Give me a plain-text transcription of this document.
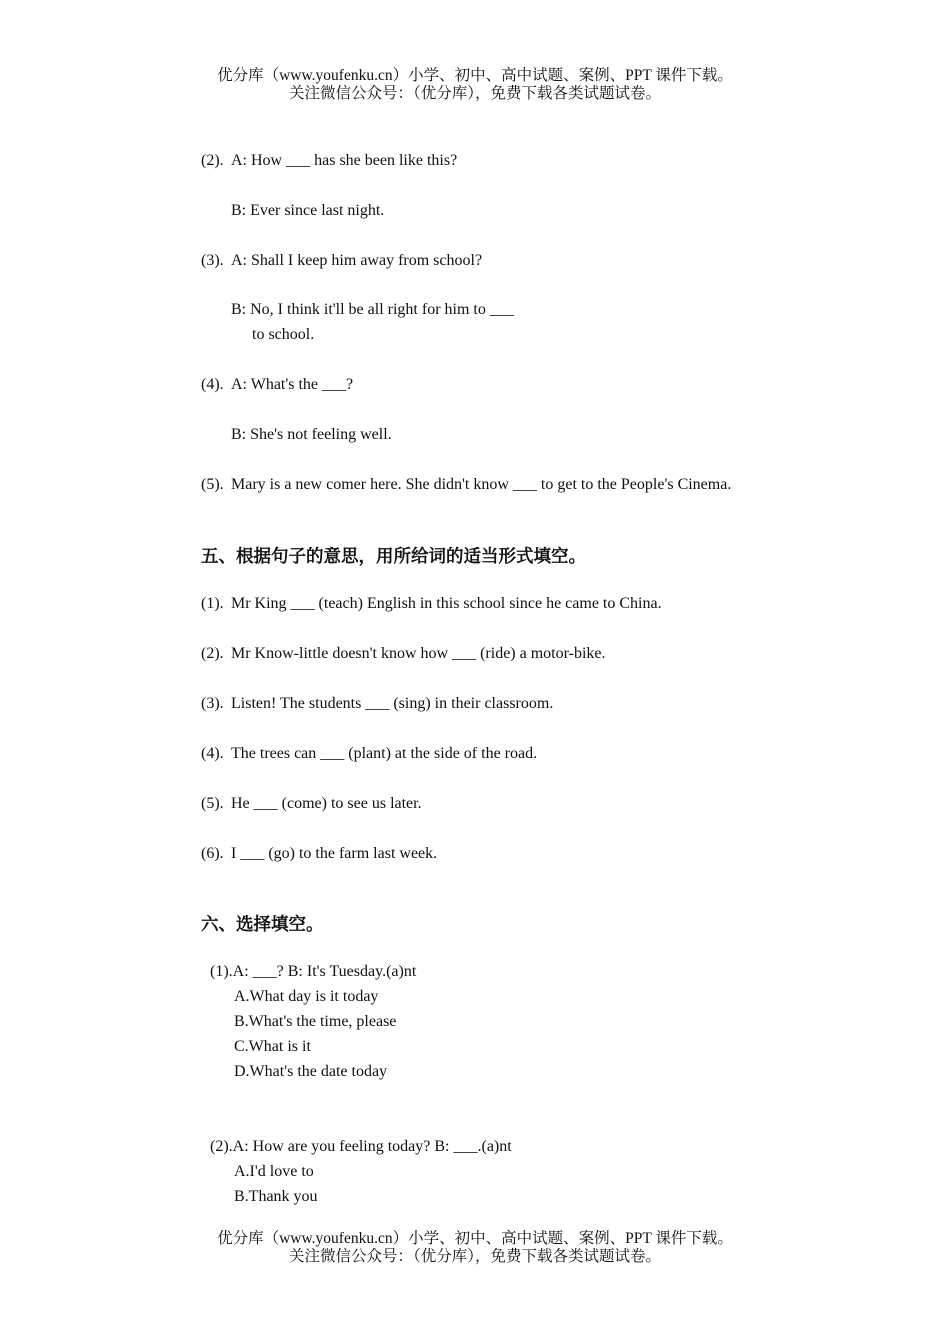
优分库（www.youfenku.cn）小学、初中、高中试题、案例、PPT 课件下载。
关注微信公众号：（优分库），免费下载各类试题试卷。
(2). A: How ___ has she been like this?
B: Ever since last night.
(3). A: Shall I keep him away from school?
B: No, I think it'll be all right for him to ___
to school.
(4). A: What's the ___?
B: She's not feeling well.
(5). Mary is a new comer here. She didn't know ___ to get to the People's Cinema.
五、根据句子的意思，用所给词的适当形式填空。
(1). Mr King ___ (teach) English in this school since he came to China.
(2). Mr Know-little doesn't know how ___ (ride) a motor-bike.
(3). Listen! The students ___ (sing) in their classroom.
(4). The trees can ___ (plant) at the side of the road.
(5). He ___ (come) to see us later.
(6). I ___ (go) to the farm last week.
六、选择填空。
(1).A: ___? B: It's Tuesday.(a)nt
A.What day is it today
B.What's the time, please
C.What is it
D.What's the date today
(2).A: How are you feeling today? B: ___.(a)nt
A.I'd love to
B.Thank you
优分库（www.youfenku.cn）小学、初中、高中试题、案例、PPT 课件下载。
关注微信公众号：（优分库），免费下载各类试题试卷。
